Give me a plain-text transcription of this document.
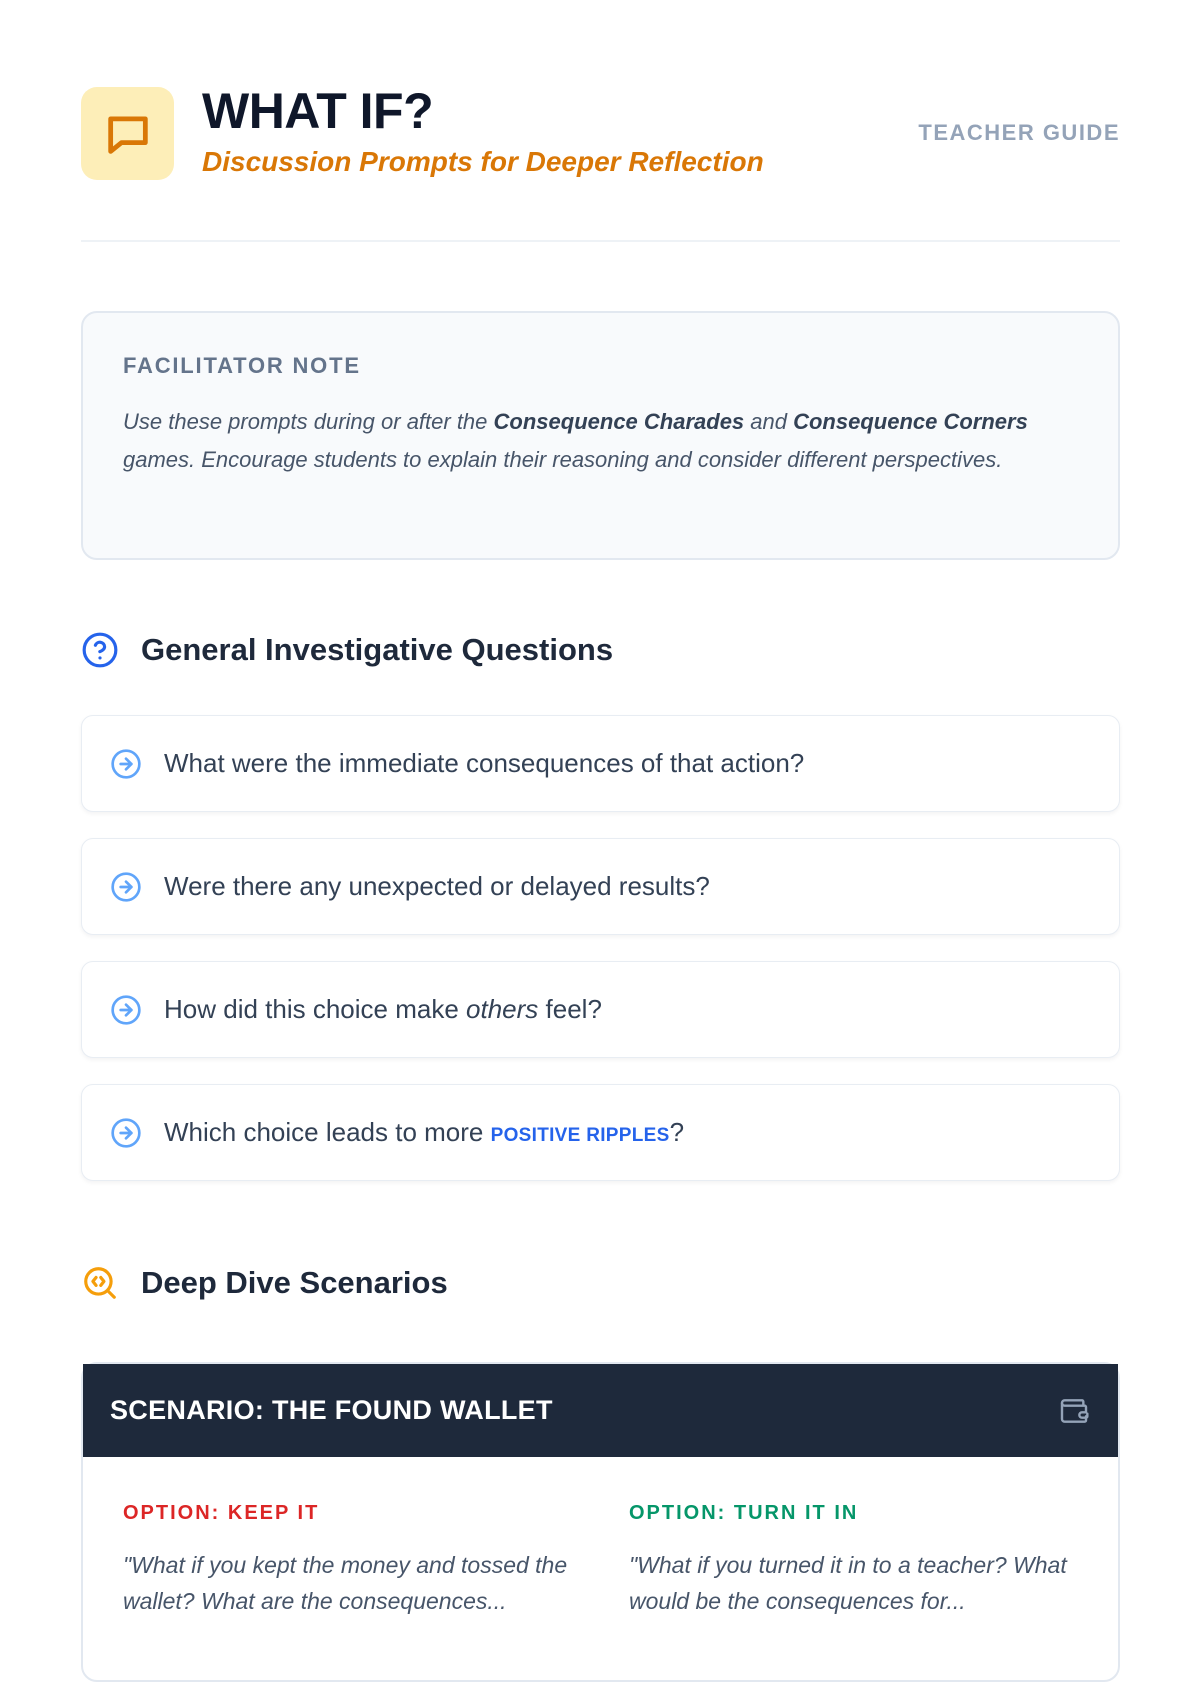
WHAT IF?
Discussion Prompts for Deeper Reflection
TEACHER GUIDE
FACILITATOR NOTE
Use these prompts during or after the Consequence Charades and Consequence Corners games. Encourage students to explain their reasoning and consider different perspectives.
General Investigative Questions
What were the immediate consequences of that action?
Were there any unexpected or delayed results?
How did this choice make others feel?
Which choice leads to more POSITIVE RIPPLES?
Deep Dive Scenarios
SCENARIO: THE FOUND WALLET
OPTION: KEEP IT
"What if you kept the money and tossed the wallet? What are the consequences...
OPTION: TURN IT IN
"What if you turned it in to a teacher? What would be the consequences for...
